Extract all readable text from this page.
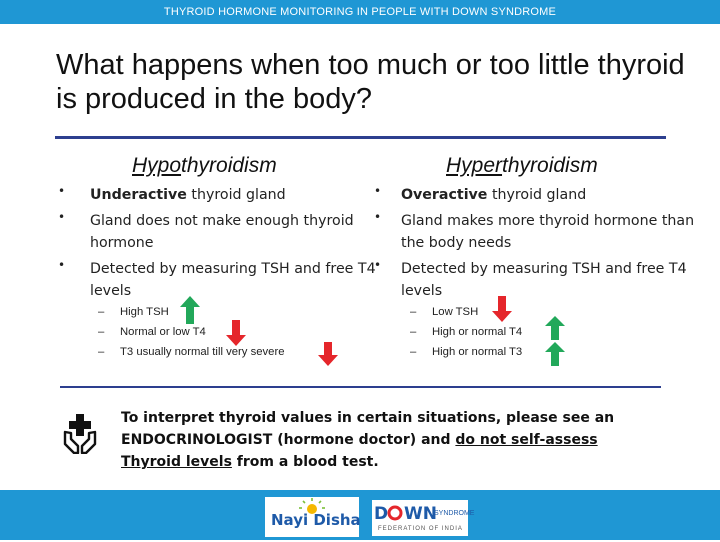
THYROID HORMONE MONITORING IN PEOPLE WITH DOWN SYNDROME
What happens when too much or too little thyroid is produced in the body?
Hypothyroidism	Hyperthyroidism
• Underactive thyroid gland
• Gland does not make enough thyroid hormone
• Detected by measuring TSH and free T4 levels
– High TSH
– Normal or low T4
– T3 usually normal till very severe
• Overactive thyroid gland
• Gland makes more thyroid hormone than the body needs
• Detected by measuring TSH and free T4 levels
– Low TSH
– High or normal T4
– High or normal T3
To interpret thyroid values in certain situations, please see an ENDOCRINOLOGIST (hormone doctor) and do not self-assess Thyroid levels from a blood test.
Nayi Disha D WN
SYNDROME
FEDERATION OF INDIA
